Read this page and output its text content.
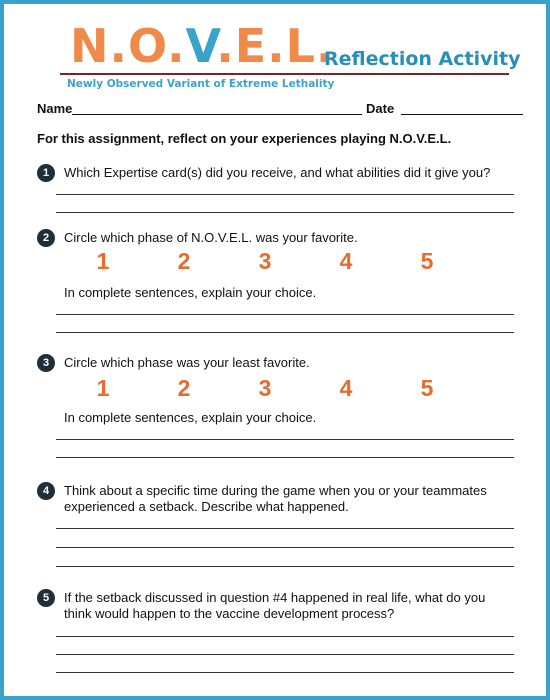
N.O.V.E.L.
Reflection Activity
Newly Observed Variant of Extreme Lethality
Name	Date
For this assignment, reflect on your experiences playing N.O.V.E.L.
1	Which Expertise card(s) did you receive, and what abilities did it give you?
2	Circle which phase of N.O.V.E.L. was your favorite.
1	2	3	4	5
In complete sentences, explain your choice.
3	Circle which phase was your least favorite.
1	2	3	4	5
In complete sentences, explain your choice.
4	Think about a specific time during the game when you or your teammates experienced a setback. Describe what happened.
5	If the setback discussed in question #4 happened in real life, what do you think would happen to the vaccine development process?
